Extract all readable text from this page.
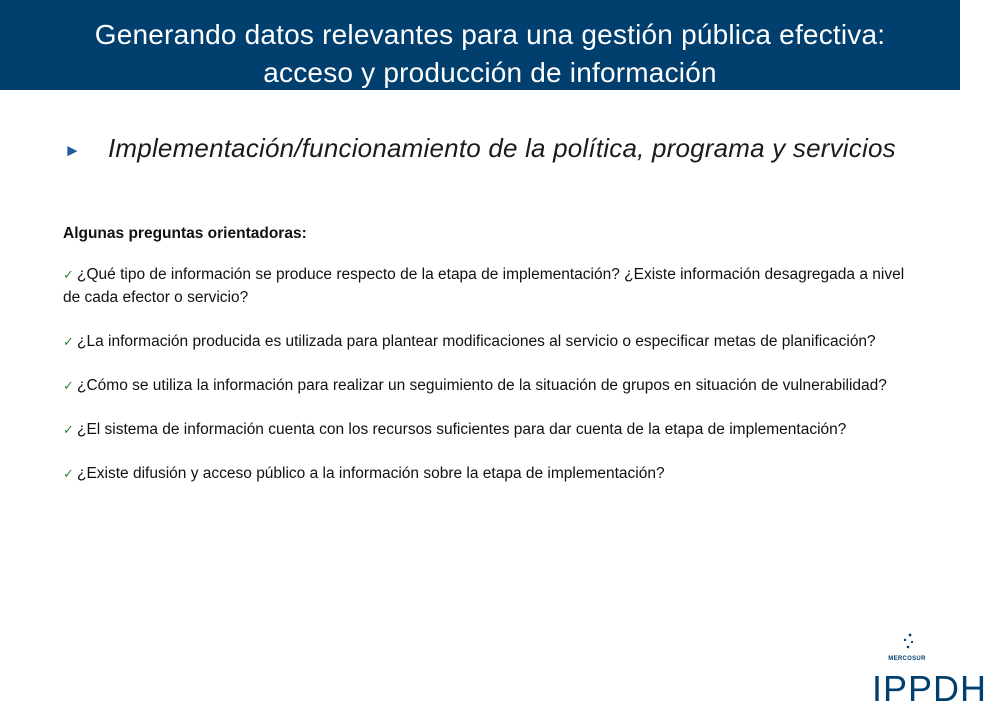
Generando datos relevantes para una gestión pública efectiva: acceso y producción de información
►	Implementación/funcionamiento de la política, programa y servicios
Algunas preguntas orientadoras:
✓ ¿Qué tipo de información se produce respecto de la etapa de implementación? ¿Existe información desagregada a nivel de cada efector o servicio?
✓ ¿La información producida es utilizada para plantear modificaciones al servicio o especificar metas de planificación?
✓ ¿Cómo se utiliza la información para realizar un seguimiento de la situación de grupos en situación de vulnerabilidad?
✓ ¿El sistema de información cuenta con los recursos suficientes para dar cuenta de la etapa de implementación?
✓ ¿Existe difusión y acceso público a la información sobre la etapa de implementación?
MERCOSUR
IPPDH
